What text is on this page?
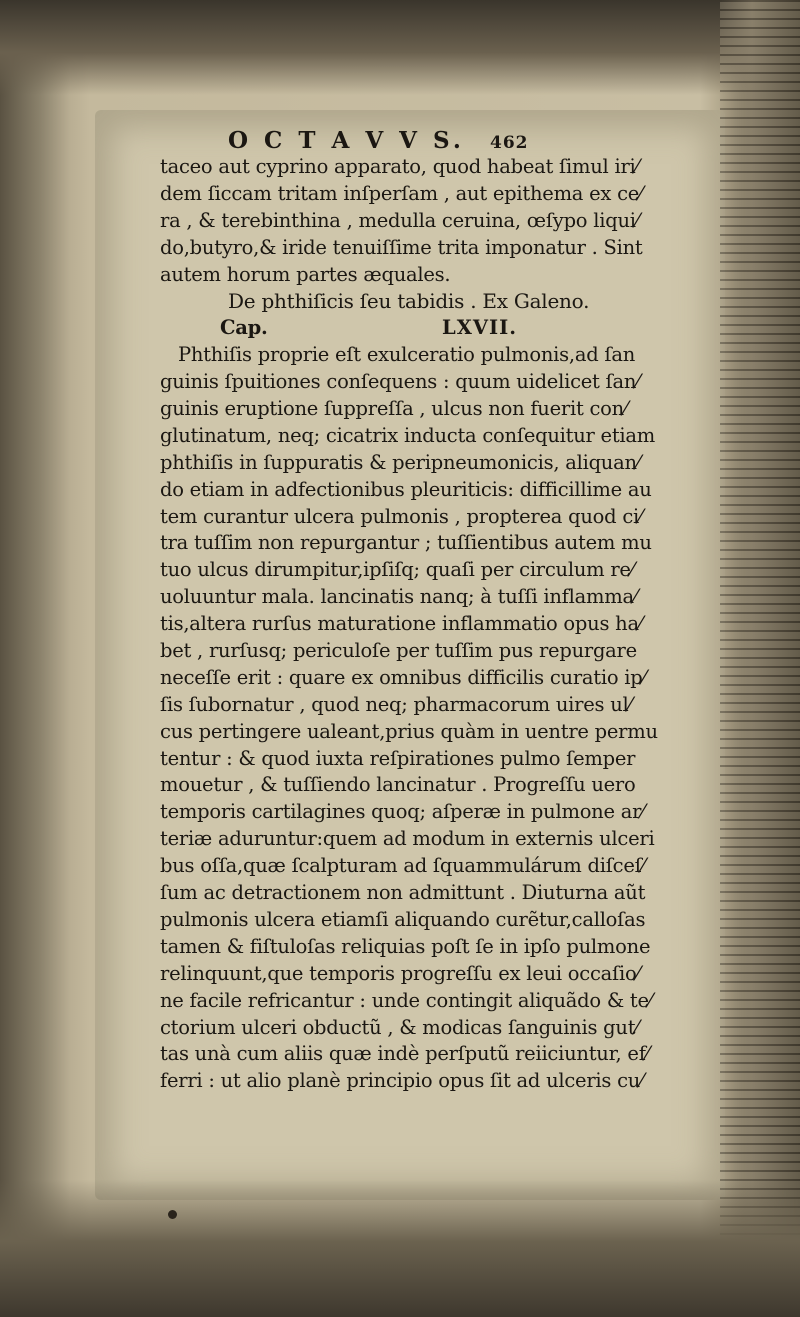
O C T A V V S. 462
taceo aut cyprino apparato, quod habeat ſimul iri⁄
dem ſiccam tritam inſperſam , aut epithema ex ce⁄
ra , & terebinthina , medulla ceruina, œſypo liqui⁄
do,butyro,& iride tenuiſſime trita imponatur . Sint
autem horum partes æquales.
De phthiſicis ſeu tabidis . Ex Galeno.
Cap.	LXVII.
Phthiſis proprie eſt exulceratio pulmonis,ad ſan
guinis ſpuitiones conſequens : quum uidelicet ſan⁄
guinis eruptione ſuppreſſa , ulcus non fuerit con⁄
glutinatum, neq; cicatrix inducta conſequitur etiam
phthiſis in ſuppuratis & peripneumonicis, aliquan⁄
do etiam in adfectionibus pleuriticis: difficillime au
tem curantur ulcera pulmonis , propterea quod ci⁄
tra tuſſim non repurgantur ; tuſſientibus autem mu
tuo ulcus dirumpitur,ipſiſq; quaſi per circulum re⁄
uoluuntur mala. lancinatis nanq; à tuſſi inflamma⁄
tis,altera rurſus maturatione inflammatio opus ha⁄
bet , rurſusq; periculoſe per tuſſim pus repurgare
neceſſe erit : quare ex omnibus difficilis curatio ip⁄
ſis ſubornatur , quod neq; pharmacorum uires ul⁄
cus pertingere ualeant,prius quàm in uentre permu
tentur : & quod iuxta reſpirationes pulmo ſemper
mouetur , & tuſſiendo lancinatur . Progreſſu uero
temporis cartilagines quoq; aſperæ in pulmone ar⁄
teriæ aduruntur:quem ad modum in externis ulceri
bus oſſa,quæ ſcalpturam ad ſquammulárum diſceſ⁄
ſum ac detractionem non admittunt . Diuturna aũt
pulmonis ulcera etiamſi aliquando curẽtur,calloſas
tamen & fiſtuloſas reliquias poſt ſe in ipſo pulmone
relinquunt,que temporis progreſſu ex leui occaſio⁄
ne facile refricantur : unde contingit aliquãdo & te⁄
ctorium ulceri obductũ , & modicas ſanguinis gut⁄
tas unà cum aliis quæ indè perſputũ reiiciuntur, ef⁄
ferri : ut alio planè principio opus ſit ad ulceris cu⁄
